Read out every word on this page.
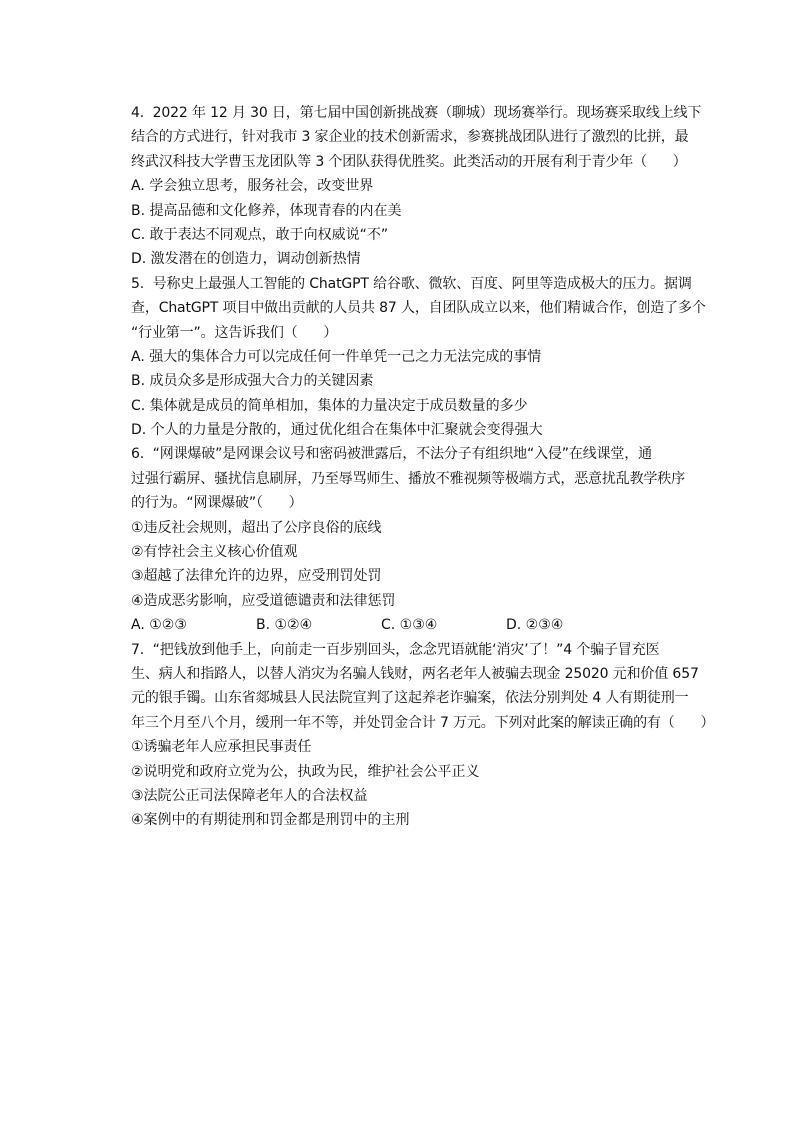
4.  2022 年 12 月 30 日，第七届中国创新挑战赛（聊城）现场赛举行。现场赛采取线上线下
结合的方式进行，针对我市 3 家企业的技术创新需求，参赛挑战团队进行了激烈的比拼，最
终武汉科技大学曹玉龙团队等 3 个团队获得优胜奖。此类活动的开展有利于青少年（      ）
A. 学会独立思考，服务社会，改变世界
B. 提高品德和文化修养，体现青春的内在美
C. 敢于表达不同观点，敢于向权威说“不”
D. 激发潜在的创造力，调动创新热情
5.  号称史上最强人工智能的 ChatGPT 给谷歌、微软、百度、阿里等造成极大的压力。据调
查，ChatGPT 项目中做出贡献的人员共 87 人，自团队成立以来，他们精诚合作，创造了多个
“行业第一”。这告诉我们（      ）
A. 强大的集体合力可以完成任何一件单凭一己之力无法完成的事情
B. 成员众多是形成强大合力的关键因素
C. 集体就是成员的简单相加，集体的力量决定于成员数量的多少
D. 个人的力量是分散的，通过优化组合在集体中汇聚就会变得强大
6.  “网课爆破”是网课会议号和密码被泄露后，不法分子有组织地“入侵”在线课堂，通
过强行霸屏、骚扰信息刷屏，乃至辱骂师生、播放不雅视频等极端方式，恶意扰乱教学秩序
的行为。“网课爆破”（      ）
①违反社会规则，超出了公序良俗的底线
②有悖社会主义核心价值观
③超越了法律允许的边界，应受刑罚处罚
④造成恶劣影响，应受道德谴责和法律惩罚
A. ①②③	B. ①②④	C. ①③④	D. ②③④
7.  “把钱放到他手上，向前走一百步别回头，念念咒语就能‘消灾’了！”4 个骗子冒充医
生、病人和指路人，以替人消灾为名骗人钱财，两名老年人被骗去现金 25020 元和价值 657
元的银手镯。山东省郯城县人民法院宣判了这起养老诈骗案，依法分别判处 4 人有期徒刑一
年三个月至八个月，缓刑一年不等，并处罚金合计 7 万元。下列对此案的解读正确的有（      ）
①诱骗老年人应承担民事责任
②说明党和政府立党为公，执政为民，维护社会公平正义
③法院公正司法保障老年人的合法权益
④案例中的有期徒刑和罚金都是刑罚中的主刑
